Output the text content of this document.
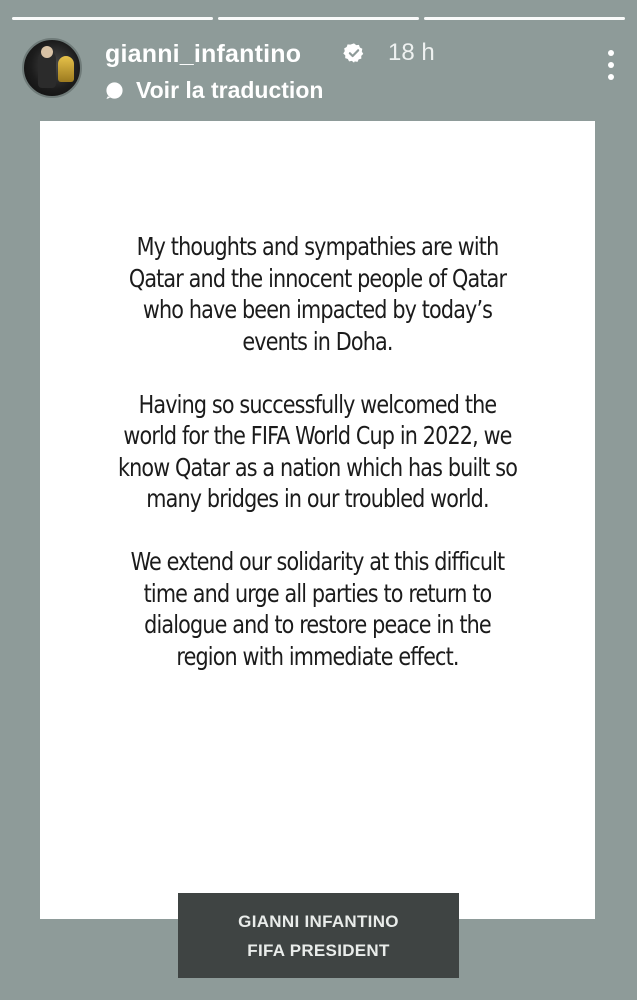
gianni_infantino	18 h
Voir la traduction

My thoughts and sympathies are with
Qatar and the innocent people of Qatar
who have been impacted by today’s
events in Doha.

Having so successfully welcomed the
world for the FIFA World Cup in 2022, we
know Qatar as a nation which has built so
many bridges in our troubled world.

We extend our solidarity at this difficult
time and urge all parties to return to
dialogue and to restore peace in the
region with immediate effect.

GIANNI INFANTINO
FIFA PRESIDENT
